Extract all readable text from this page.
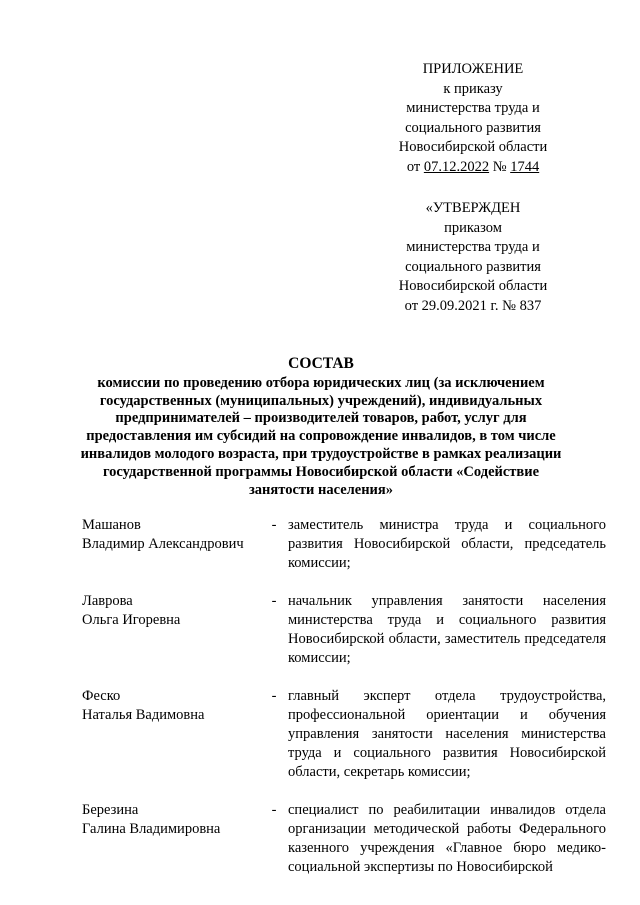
ПРИЛОЖЕНИЕ
к приказу
министерства труда и
социального развития
Новосибирской области
от 07.12.2022 № 1744
«УТВЕРЖДЕН
приказом
министерства труда и
социального развития
Новосибирской области
от 29.09.2021 г. № 837
СОСТАВ
комиссии по проведению отбора юридических лиц (за исключением государственных (муниципальных) учреждений), индивидуальных предпринимателей – производителей товаров, работ, услуг для предоставления им субсидий на сопровождение инвалидов, в том числе инвалидов молодого возраста, при трудоустройстве в рамках реализации государственной программы Новосибирской области «Содействие занятости населения»
Машанов
Владимир Александрович
- заместитель министра труда и социального развития Новосибирской области, председатель комиссии;
Лаврова
Ольга Игоревна
- начальник управления занятости населения министерства труда и социального развития Новосибирской области, заместитель председателя комиссии;
Феско
Наталья Вадимовна
- главный эксперт отдела трудоустройства, профессиональной ориентации и обучения управления занятости населения министерства труда и социального развития Новосибирской области, секретарь комиссии;
Березина
Галина Владимировна
- специалист по реабилитации инвалидов отдела организации методической работы Федерального казенного учреждения «Главное бюро медико-социальной экспертизы по Новосибирской
